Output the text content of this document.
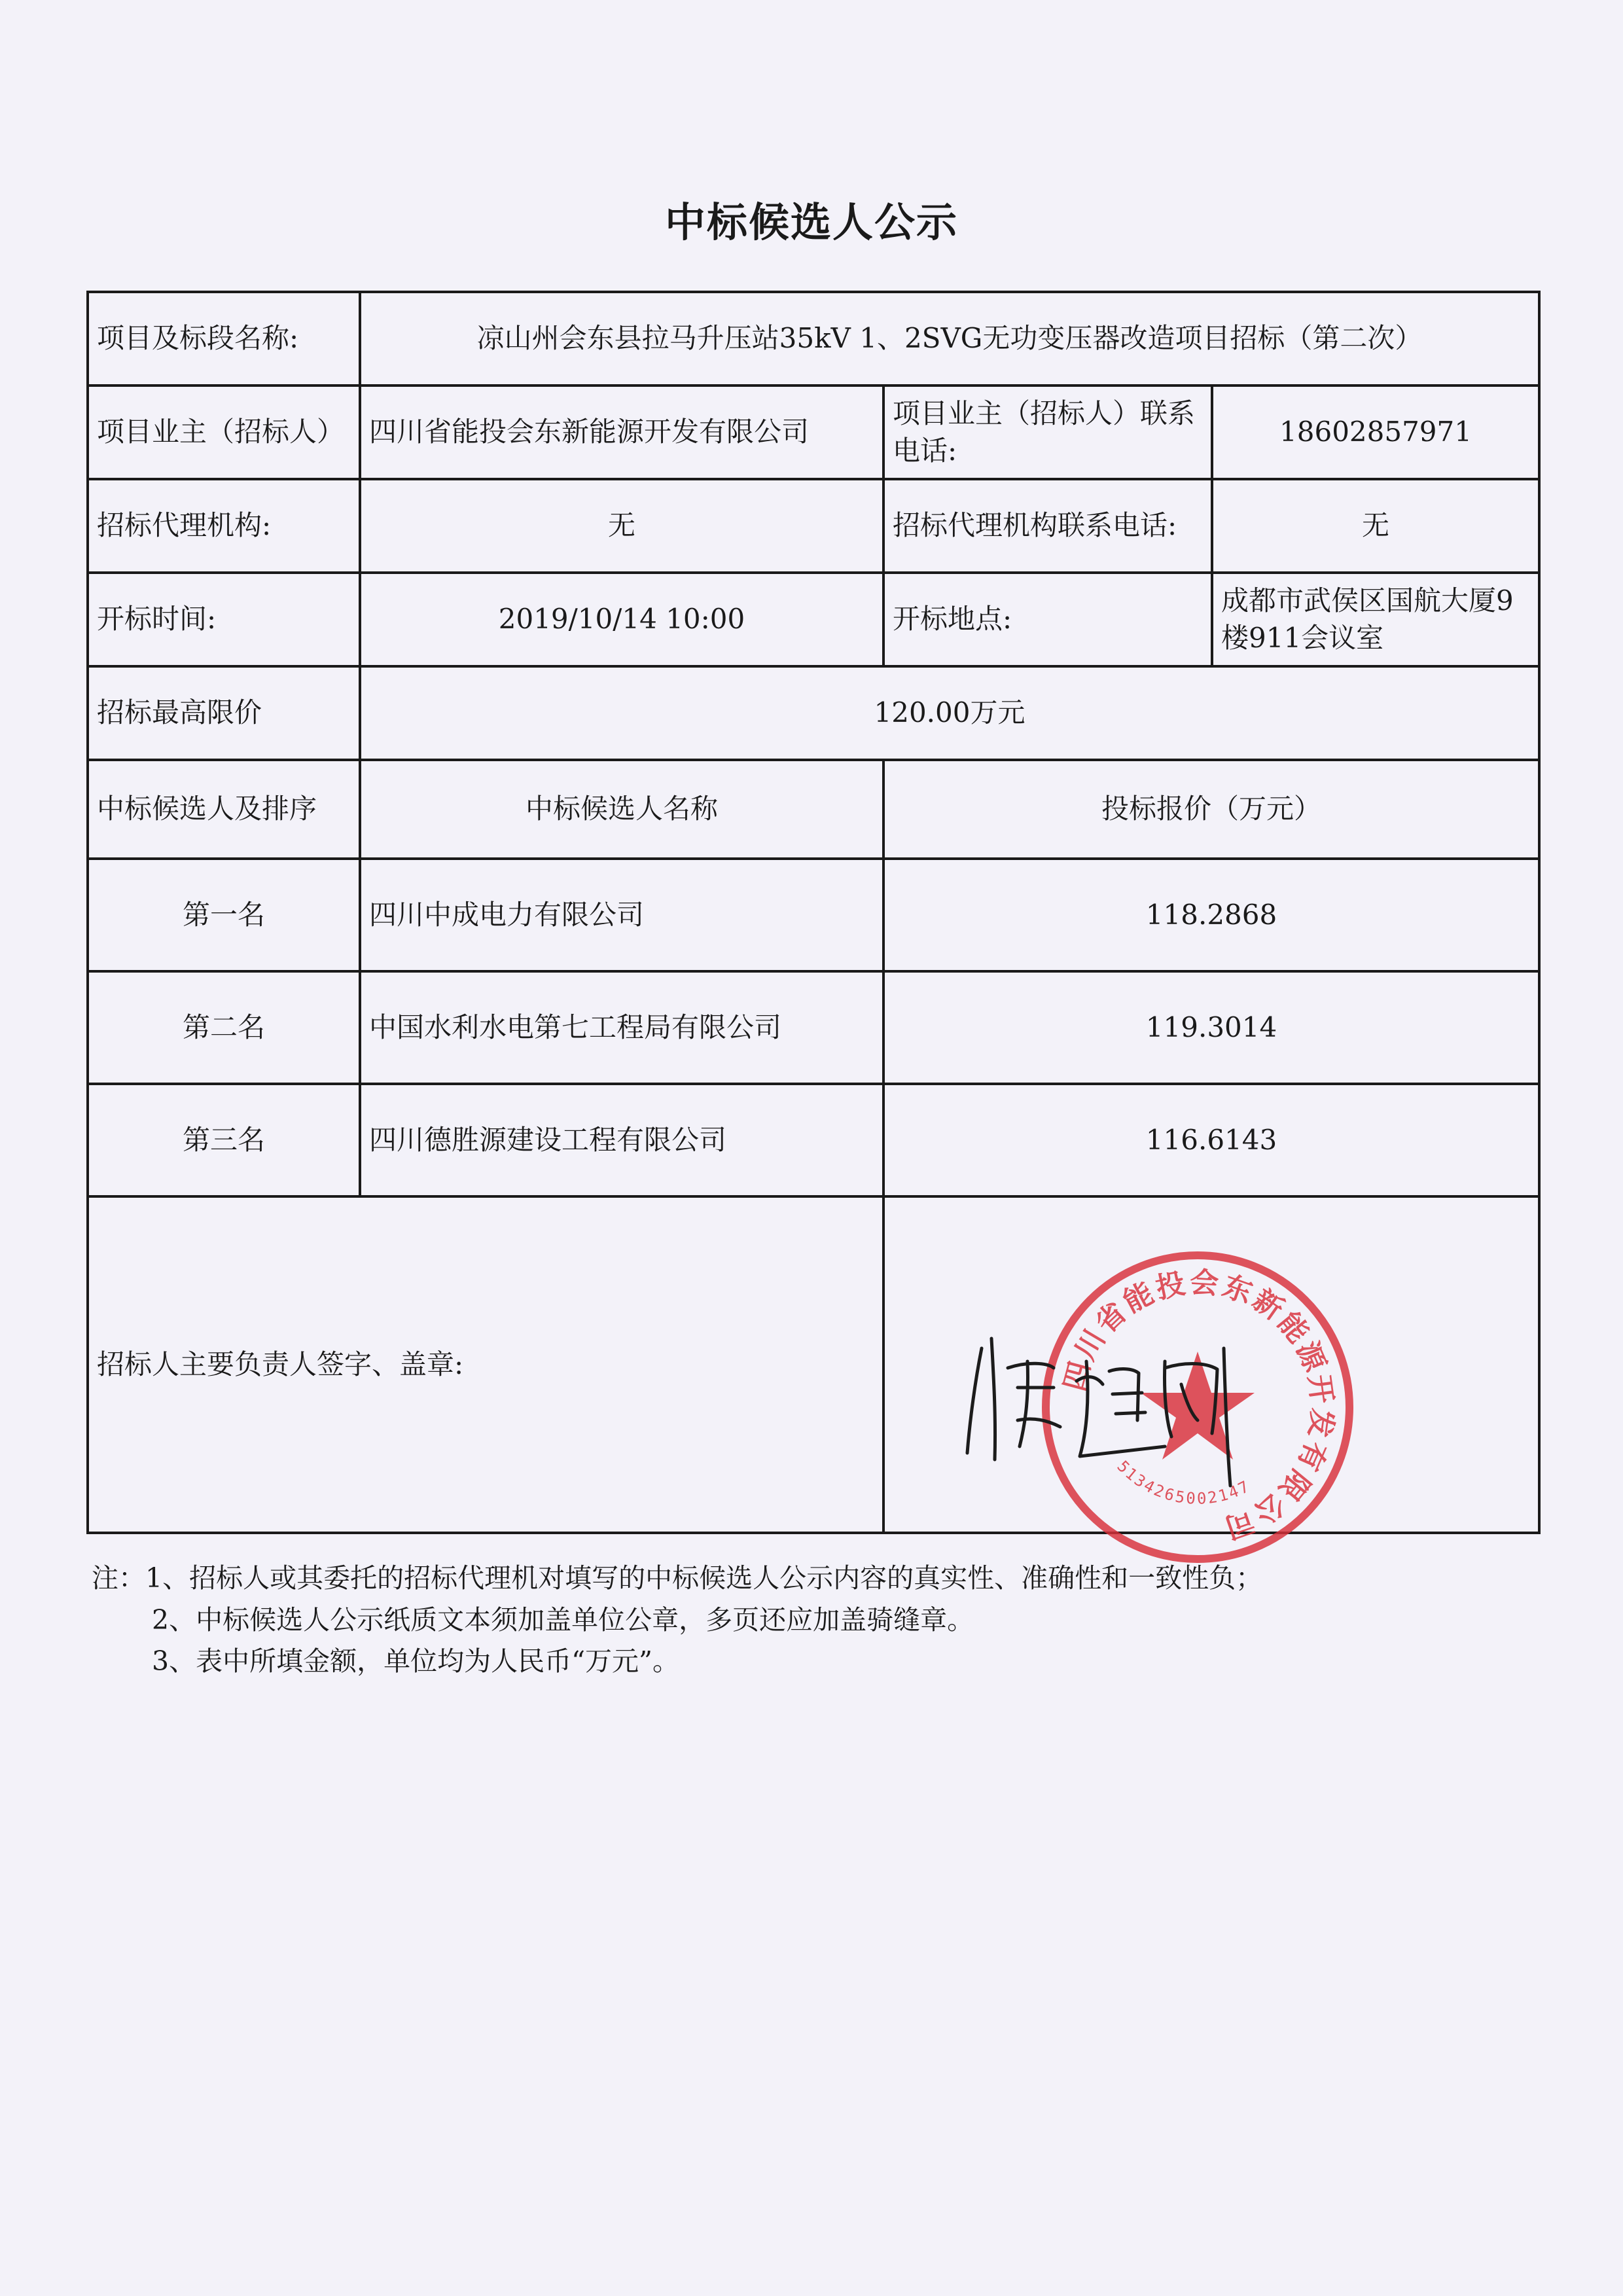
中标候选人公示
项目及标段名称:	凉山州会东县拉马升压站35kV 1、2SVG无功变压器改造项目招标（第二次）		
项目业主（招标人）	四川省能投会东新能源开发有限公司	项目业主（招标人）联系电话:	18602857971
招标代理机构:	无	招标代理机构联系电话:	无
开标时间:	2019/10/14 10:00	开标地点:	成都市武侯区国航大厦9楼911会议室
招标最高限价	120.00万元		
中标候选人及排序	中标候选人名称	投标报价（万元）	
第一名	四川中成电力有限公司	118.2868	
第二名	中国水利水电第七工程局有限公司	119.3014	
第三名	四川德胜源建设工程有限公司	116.6143	
招标人主要负责人签字、盖章:				四川省能投会东新能源开发有限公司
5134265002147
注：1、招标人或其委托的招标代理机对填写的中标候选人公示内容的真实性、准确性和一致性负；
2、中标候选人公示纸质文本须加盖单位公章，多页还应加盖骑缝章。
3、表中所填金额，单位均为人民币“万元”。
